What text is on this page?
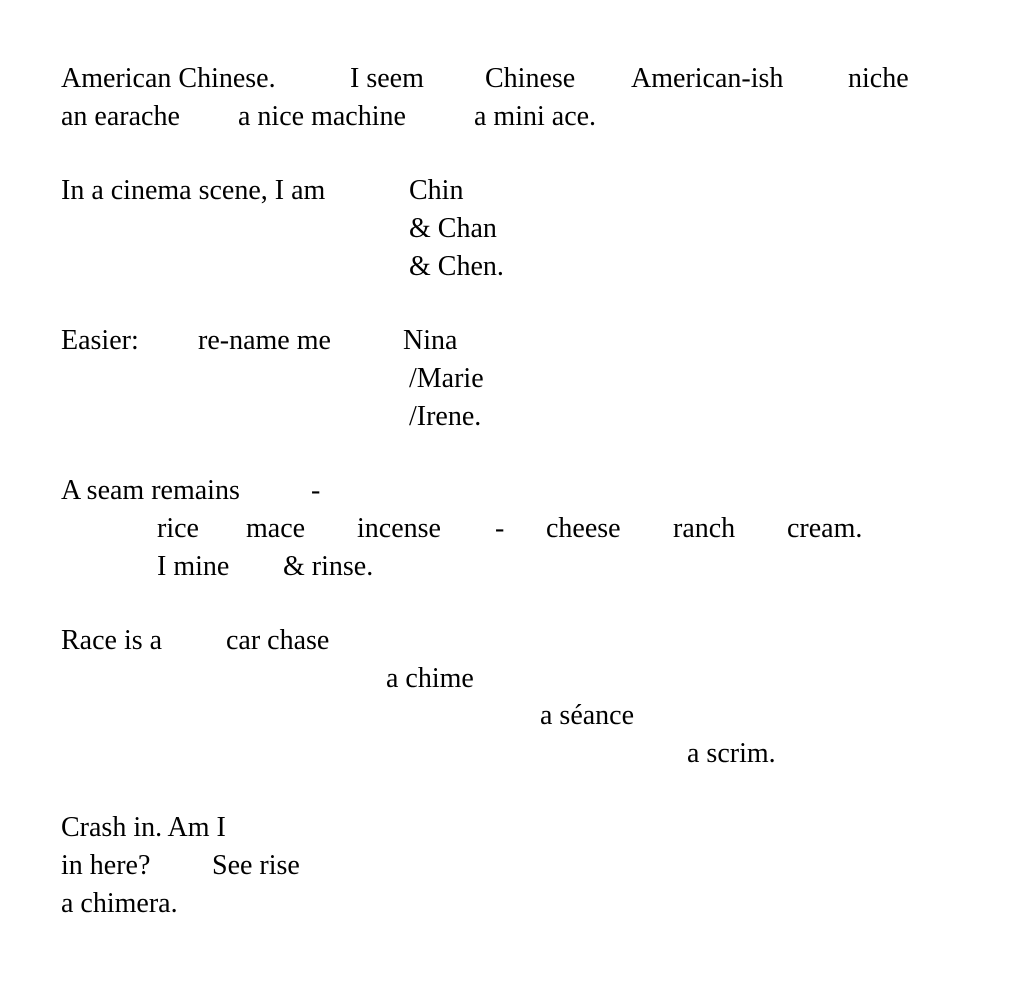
American Chinese.	I seem Chinese American-ish niche
an earache a nice machine a mini ace.
In a cinema scene, I am	Chin
& Chan
& Chen.
Easier: re-name me	Nina
/Marie
/Irene.
A seam remains	-
rice mace incense - cheese ranch cream.
I mine & rinse.
Race is a car chase
a chime
a séance
a scrim.
Crash in. Am I
in here? See rise
a chimera.
